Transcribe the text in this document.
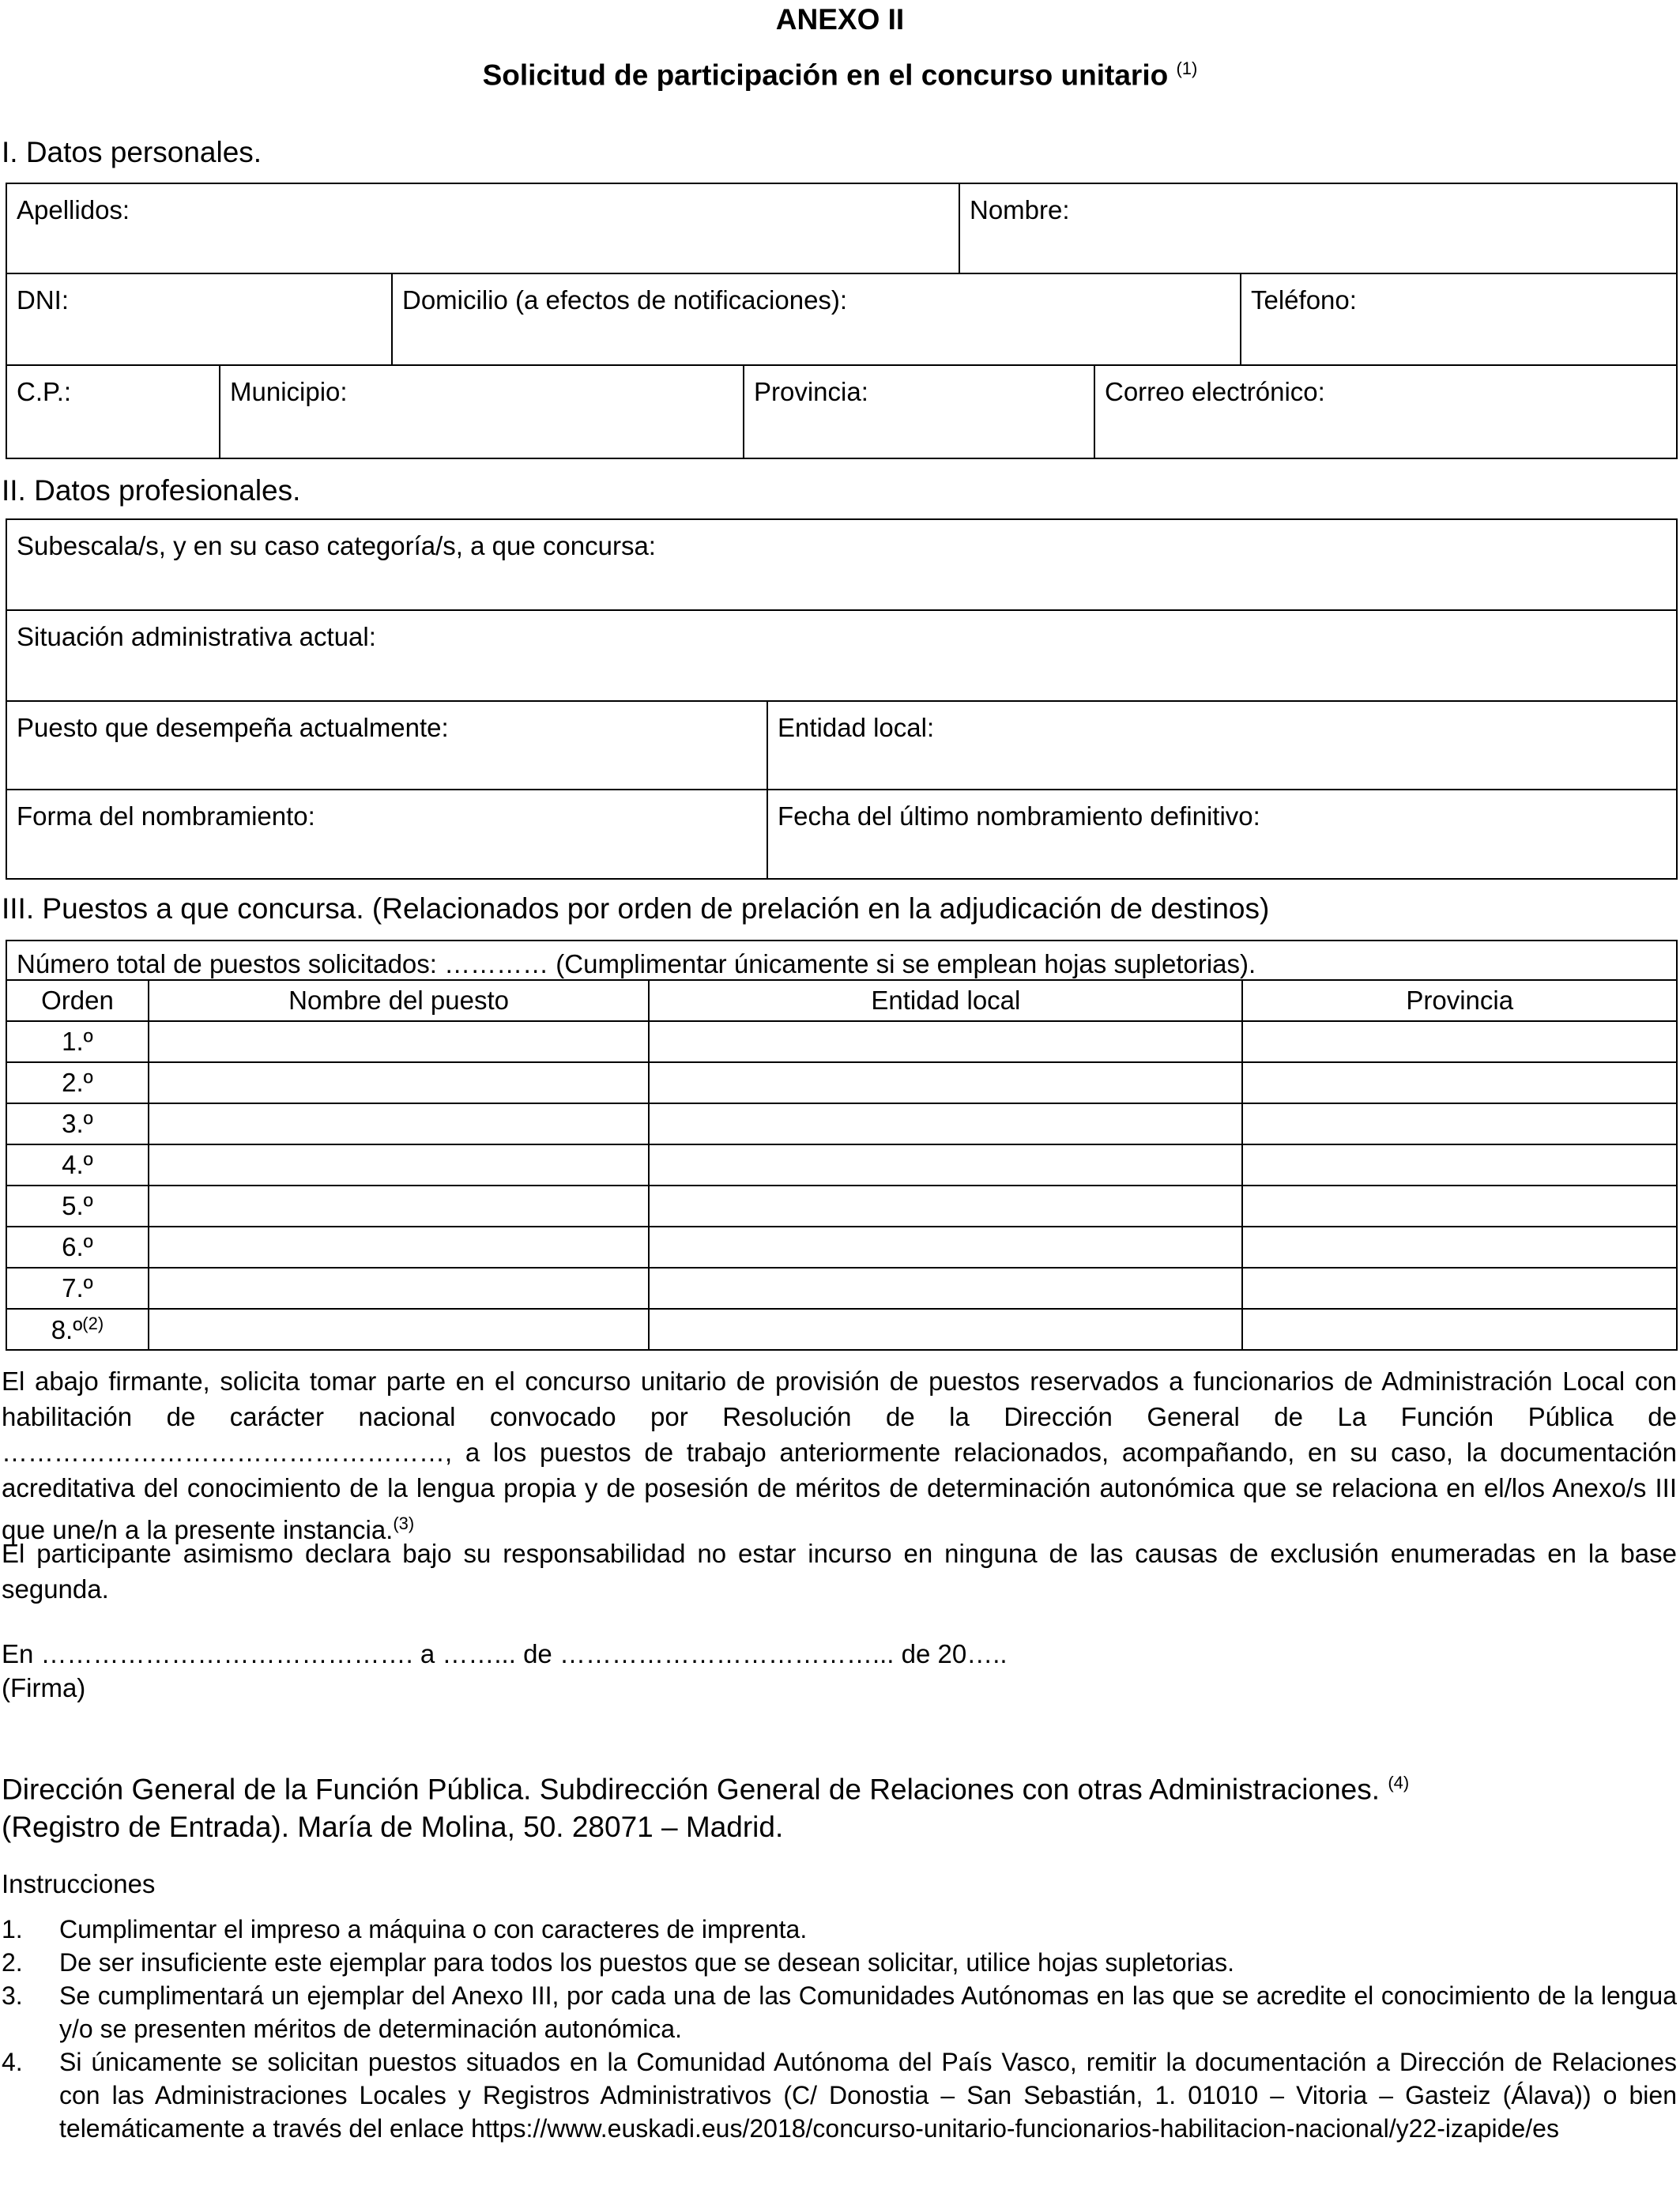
ANEXO II
Solicitud de participación en el concurso unitario $^{(1)}$
I. Datos personales.
Apellidos:	Nombre:
DNI:	Domicilio (a efectos de notificaciones):	Teléfono:
C.P.:	Municipio:	Provincia:	Correo electrónico:
II. Datos profesionales.
Subescala/s, y en su caso categoría/s, a que concursa:
Situación administrativa actual:
Puesto que desempeña actualmente:	Entidad local:
Forma del nombramiento:	Fecha del último nombramiento definitivo:
III. Puestos a que concursa. (Relacionados por orden de prelación en la adjudicación de destinos)
Número total de puestos solicitados: ………… (Cumplimentar únicamente si se emplean hojas supletorias).
Orden	Nombre del puesto	Entidad local	Provincia
1.º			
2.º			
3.º			
4.º			
5.º			
6.º			
7.º			
8.º$^{(2)}$			
El abajo firmante, solicita tomar parte en el concurso unitario de provisión de puestos reservados a funcionarios de Administración Local con habilitación de carácter nacional convocado por Resolución de la Dirección General de La Función Pública de ……………………………………………, a los puestos de trabajo anteriormente relacionados, acompañando, en su caso, la documentación acreditativa del conocimiento de la lengua propia y de posesión de méritos de determinación autonómica que se relaciona en el/los Anexo/s III que une/n a la presente instancia.$^{(3)}$
El participante asimismo declara bajo su responsabilidad no estar incurso en ninguna de las causas de exclusión enumeradas en la base segunda.
En ……………………………………. a ……... de ………………………………... de 20…..
(Firma)
Dirección General de la Función Pública. Subdirección General de Relaciones con otras Administraciones. $^{(4)}$
(Registro de Entrada). María de Molina, 50. 28071 – Madrid.
Instrucciones
1.	Cumplimentar el impreso a máquina o con caracteres de imprenta.
2.	De ser insuficiente este ejemplar para todos los puestos que se desean solicitar, utilice hojas supletorias.
3.	Se cumplimentará un ejemplar del Anexo III, por cada una de las Comunidades Autónomas en las que se acredite el conocimiento de la lengua y/o se presenten méritos de determinación autonómica.
4.	Si únicamente se solicitan puestos situados en la Comunidad Autónoma del País Vasco, remitir la documentación a Dirección de Relaciones con las Administraciones Locales y Registros Administrativos (C/ Donostia – San Sebastián, 1. 01010 – Vitoria – Gasteiz (Álava)) o bien telemáticamente a través del enlace https://www.euskadi.eus/2018/concurso-unitario-funcionarios-habilitacion-nacional/y22-izapide/es
